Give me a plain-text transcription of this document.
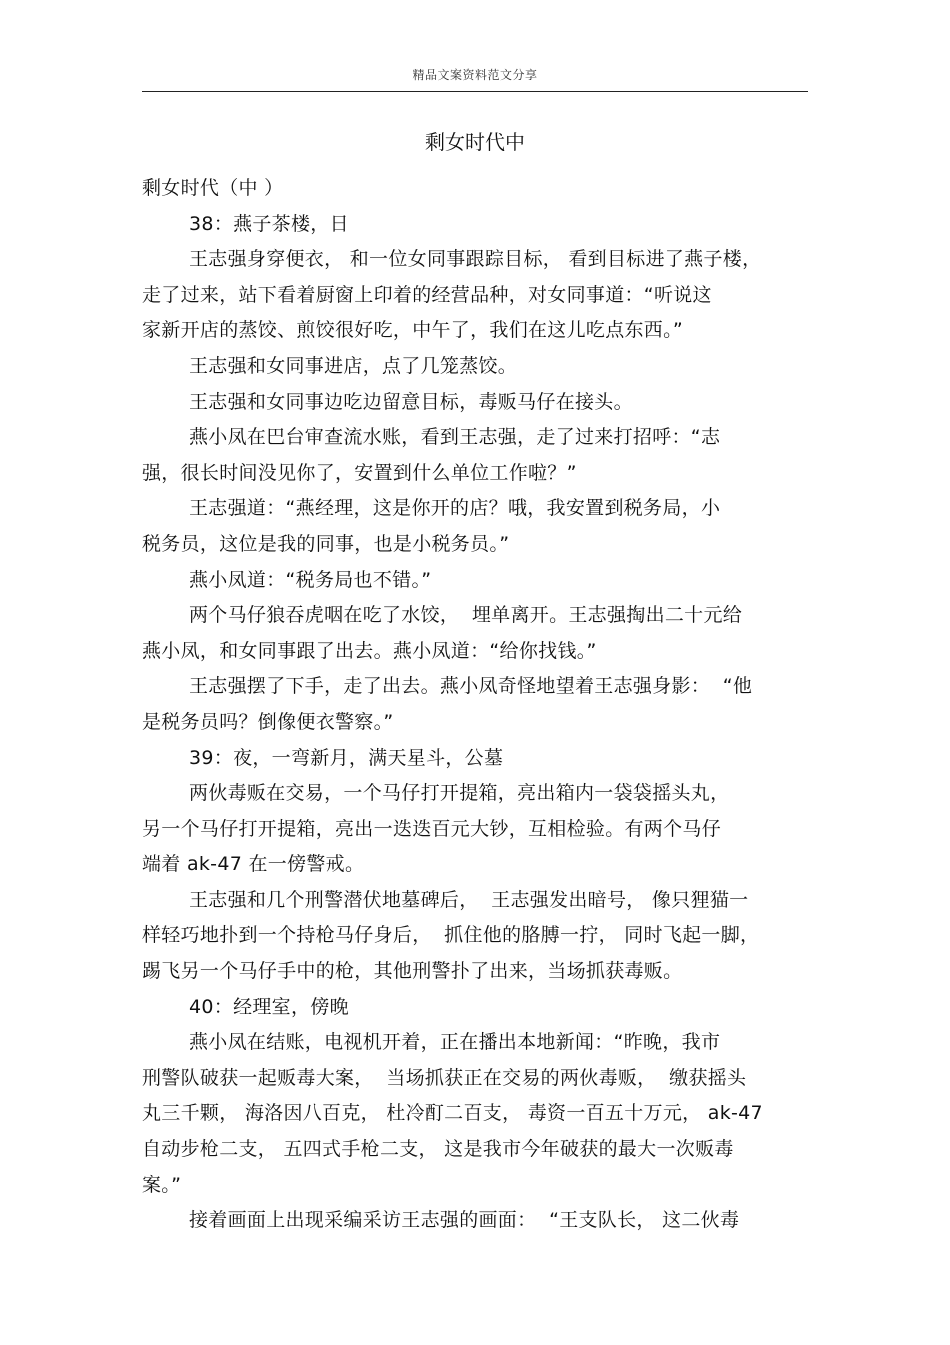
精品文案资料范文分享
剩女时代中
剩女时代（中 ）
38：燕子茶楼，日
王志强身穿便衣， 和一位女同事跟踪目标， 看到目标进了燕子楼，
走了过来，站下看着厨窗上印着的经营品种，对女同事道：“听说这
家新开店的蒸饺、煎饺很好吃，中午了，我们在这儿吃点东西。”
王志强和女同事进店，点了几笼蒸饺。
王志强和女同事边吃边留意目标，毒贩马仔在接头。
燕小凤在巴台审查流水账，看到王志强，走了过来打招呼：“志
强，很长时间没见你了，安置到什么单位工作啦？”
王志强道：“燕经理，这是你开的店？哦，我安置到税务局，小
税务员，这位是我的同事，也是小税务员。”
燕小凤道：“税务局也不错。”
两个马仔狼吞虎咽在吃了水饺，  埋单离开。王志强掏出二十元给
燕小凤，和女同事跟了出去。燕小凤道：“给你找钱。”
王志强摆了下手，走了出去。燕小凤奇怪地望着王志强身影：  “他
是税务员吗？倒像便衣警察。”
39：夜，一弯新月，满天星斗，公墓
两伙毒贩在交易，一个马仔打开提箱，亮出箱内一袋袋摇头丸，
另一个马仔打开提箱，亮出一迭迭百元大钞，互相检验。有两个马仔
端着 ak-47 在一傍警戒。
王志强和几个刑警潜伏地墓碑后，  王志强发出暗号， 像只狸猫一
样轻巧地扑到一个持枪马仔身后，  抓住他的胳膊一拧， 同时飞起一脚，
踢飞另一个马仔手中的枪，其他刑警扑了出来，当场抓获毒贩。
40：经理室，傍晚
燕小凤在结账，电视机开着，正在播出本地新闻：“昨晚，我市
刑警队破获一起贩毒大案，  当场抓获正在交易的两伙毒贩，  缴获摇头
丸三千颗， 海洛因八百克， 杜冷酊二百支， 毒资一百五十万元， ak-47
自动步枪二支， 五四式手枪二支， 这是我市今年破获的最大一次贩毒
案。”
接着画面上出现采编采访王志强的画面：  “王支队长， 这二伙毒
